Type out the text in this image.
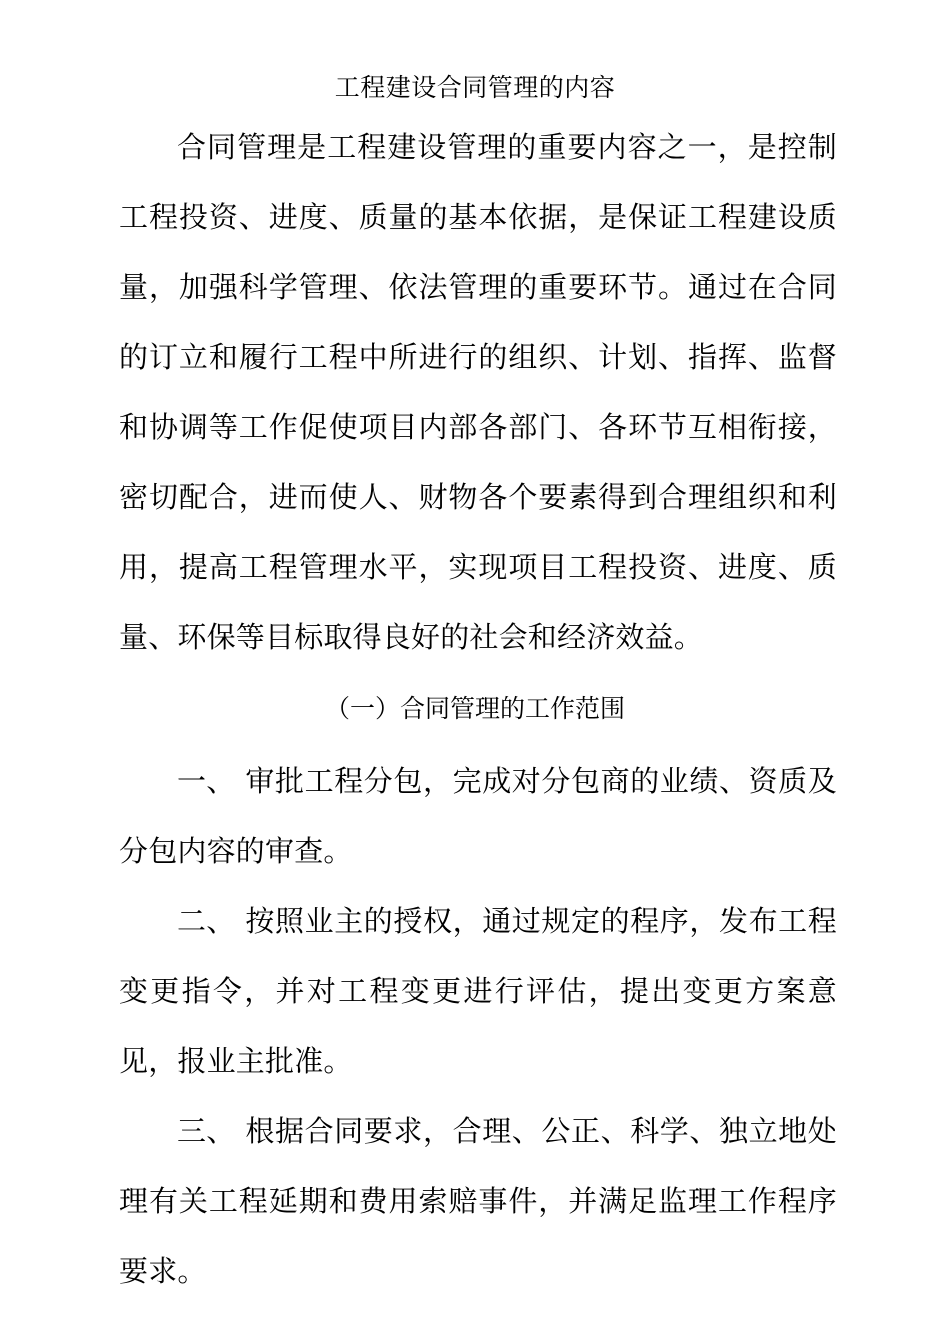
工程建设合同管理的内容

合同管理是工程建设管理的重要内容之一，是控制工程投资、进度、质量的基本依据，是保证工程建设质量，加强科学管理、依法管理的重要环节。通过在合同的订立和履行工程中所进行的组织、计划、指挥、监督和协调等工作促使项目内部各部门、各环节互相衔接，密切配合，进而使人、财物各个要素得到合理组织和利用，提高工程管理水平，实现项目工程投资、进度、质量、环保等目标取得良好的社会和经济效益。

（一）合同管理的工作范围

一、 审批工程分包，完成对分包商的业绩、资质及分包内容的审查。

二、 按照业主的授权，通过规定的程序，发布工程变更指令，并对工程变更进行评估，提出变更方案意见，报业主批准。

三、 根据合同要求，合理、公正、科学、独立地处理有关工程延期和费用索赔事件，并满足监理工作程序要求。
